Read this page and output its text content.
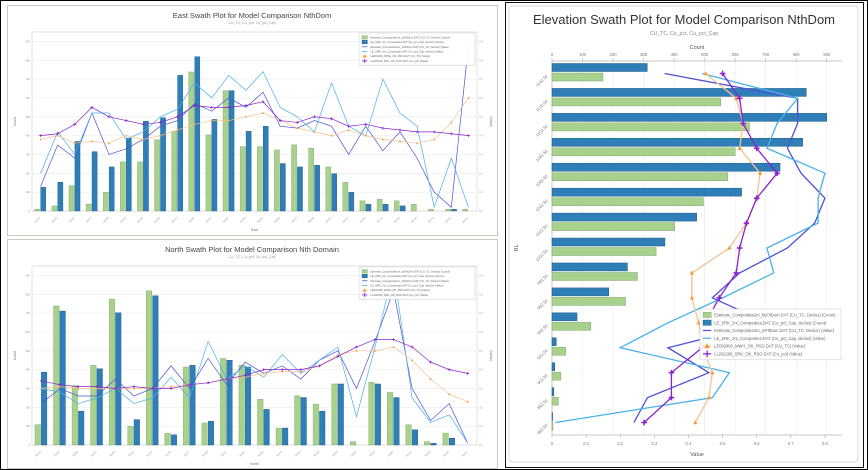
East Swath Plot for Model Comparison NthDom
CU_TC, Cu_pct, Cu_pct_Cap
0
100
200
300
400
500
600
700
800
900
0.0
0.1
0.2
0.3
0.4
0.5
0.6
0.7
0.8
0.9
55310	55330	55350	55370	55390	55410	55430	55450	55470	55490	55510	55530	55550	55570	55590	55610	55630	55650	55670	55690	55710	55730	55750	55770	55790	55810
East
Count	(Value)
Estimate_Composites2m_byFltDom.DAT (CU_TC, Declus) (Count)
LE_SRK_2m_Composites.DAT (Cu_pct_Cap, declus) (Count)
Estimate_Composites2m_InFltDom.DAT (CU_TC, Declus) (Value)
LE_SRK_2m_Composites.DAT (Cu_pct_Cap, declus) (Value)
LE002460_MWH_OK_RSO.DAT (CU_TC) (Value)
LL202209_SRK_OK_RSO.DAT (Cu_pct) (Value)
North Swath Plot for Model Comparison Nth Domain
CU_TC, Cu_pct, Cu_pct_Cap
0
100
200
300
400
500
600
700
800
900
0.0
0.1
0.2
0.3
0.4
0.5
0.6
0.7
0.8
0.9
78010	78030	78050	78070	78090	78110	78130	78150	78170	78190	78210	78230	78250	78270	78290	78310	78330	78350	78370	78390	78410	78430	78450	78470
North
Count	(Value)
Estimate_Composites2m_byFltDom.DAT (CU_TC, Declus) (Count)
LE_SRK_2m_Composites.DAT (Cu_pct_Cap, declus) (Count)
Estimate_Composites2m_InFltDom.DAT (CU_TC, Declus) (Value)
LE_SRK_2m_Composites.DAT (Cu_pct_Cap, declus) (Value)
LE002460_MWH_OK_RSO.DAT (CU_TC) (Value)
LL202209_SRK_OK_RSO.DAT (Cu_pct) (Value)
Elevation Swath Plot for Model Comparison NthDom
CU_TC, Cu_pct, Cu_pct_Cap
Count
0	100	200	300	400	500	600	700	800	900
1142.50
1122.50
1102.50
1082.50
1062.50
1042.50
1022.50
1002.50
982.50
962.50
942.50
922.50
902.50
882.50
862.50
RL
0	0.1	0.2	0.3	0.4	0.5	0.6	0.7	0.8
Value
Estimate_Composites2m_byFltDom.DAT (CU_TC, Declus) (Count)
LE_SRK_2m_Composites.DAT (Cu_pct_Cap, declus) (Count)
Estimate_Composites2m_InFltDom.DAT (CU_TC, Declus) (Value)
LE_SRK_2m_Composites.DAT (Cu_pct_Cap, declus) (Value)
LE002460_MWH_OK_RSO.DAT (CU_TC) (Value)
LL202209_SRK_OK_RSO.DAT (Cu_pct) (Value)
